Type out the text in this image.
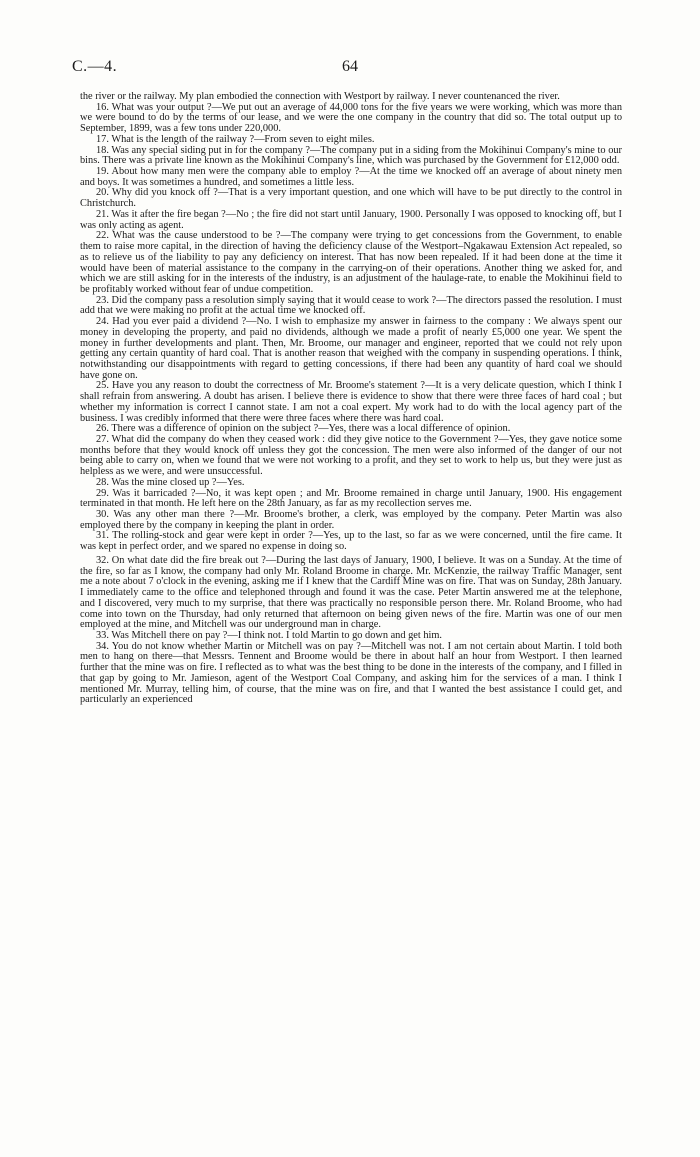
C.—4.	64

the river or the railway. My plan embodied the connection with Westport by railway. I never countenanced the river.

16. What was your output ?—We put out an average of 44,000 tons for the five years we were working, which was more than we were bound to do by the terms of our lease, and we were the one company in the country that did so. The total output up to September, 1899, was a few tons under 220,000.

17. What is the length of the railway ?—From seven to eight miles.

18. Was any special siding put in for the company ?—The company put in a siding from the Mokihinui Company's mine to our bins. There was a private line known as the Mokihinui Company's line, which was purchased by the Government for £12,000 odd.

19. About how many men were the company able to employ ?—At the time we knocked off an average of about ninety men and boys. It was sometimes a hundred, and sometimes a little less.

20. Why did you knock off ?—That is a very important question, and one which will have to be put directly to the control in Christchurch.

21. Was it after the fire began ?—No ; the fire did not start until January, 1900. Personally I was opposed to knocking off, but I was only acting as agent.

22. What was the cause understood to be ?—The company were trying to get concessions from the Government, to enable them to raise more capital, in the direction of having the deficiency clause of the Westport–Ngakawau Extension Act repealed, so as to relieve us of the liability to pay any deficiency on interest. That has now been repealed. If it had been done at the time it would have been of material assistance to the company in the carrying-on of their operations. Another thing we asked for, and which we are still asking for in the interests of the industry, is an adjustment of the haulage-rate, to enable the Mokihinui field to be profitably worked without fear of undue competition.

23. Did the company pass a resolution simply saying that it would cease to work ?—The directors passed the resolution. I must add that we were making no profit at the actual time we knocked off.

24. Had you ever paid a dividend ?—No. I wish to emphasize my answer in fairness to the company : We always spent our money in developing the property, and paid no dividends, although we made a profit of nearly £5,000 one year. We spent the money in further developments and plant. Then, Mr. Broome, our manager and engineer, reported that we could not rely upon getting any certain quantity of hard coal. That is another reason that weighed with the company in suspending operations. I think, notwithstanding our disappointments with regard to getting concessions, if there had been any quantity of hard coal we should have gone on.

25. Have you any reason to doubt the correctness of Mr. Broome's statement ?—It is a very delicate question, which I think I shall refrain from answering. A doubt has arisen. I believe there is evidence to show that there were three faces of hard coal ; but whether my information is correct I cannot state. I am not a coal expert. My work had to do with the local agency part of the business. I was credibly informed that there were three faces where there was hard coal.

26. There was a difference of opinion on the subject ?—Yes, there was a local difference of opinion.

27. What did the company do when they ceased work : did they give notice to the Government ?—Yes, they gave notice some months before that they would knock off unless they got the concession. The men were also informed of the danger of our not being able to carry on, when we found that we were not working to a profit, and they set to work to help us, but they were just as helpless as we were, and were unsuccessful.

28. Was the mine closed up ?—Yes.

29. Was it barricaded ?—No, it was kept open ; and Mr. Broome remained in charge until January, 1900. His engagement terminated in that month. He left here on the 28th January, as far as my recollection serves me.

30. Was any other man there ?—Mr. Broome's brother, a clerk, was employed by the company. Peter Martin was also employed there by the company in keeping the plant in order.

31. The rolling-stock and gear were kept in order ?—Yes, up to the last, so far as we were concerned, until the fire came. It was kept in perfect order, and we spared no expense in doing so.

32. On what date did the fire break out ?—During the last days of January, 1900, I believe. It was on a Sunday. At the time of the fire, so far as I know, the company had only Mr. Roland Broome in charge. Mr. McKenzie, the railway Traffic Manager, sent me a note about 7 o'clock in the evening, asking me if I knew that the Cardiff Mine was on fire. That was on Sunday, 28th January. I immediately came to the office and telephoned through and found it was the case. Peter Martin answered me at the telephone, and I discovered, very much to my surprise, that there was practically no responsible person there. Mr. Roland Broome, who had come into town on the Thursday, had only returned that afternoon on being given news of the fire. Martin was one of our men employed at the mine, and Mitchell was our underground man in charge.

33. Was Mitchell there on pay ?—I think not. I told Martin to go down and get him.

34. You do not know whether Martin or Mitchell was on pay ?—Mitchell was not. I am not certain about Martin. I told both men to hang on there—that Messrs. Tennent and Broome would be there in about half an hour from Westport. I then learned further that the mine was on fire. I reflected as to what was the best thing to be done in the interests of the company, and I filled in that gap by going to Mr. Jamieson, agent of the Westport Coal Company, and asking him for the services of a man. I think I mentioned Mr. Murray, telling him, of course, that the mine was on fire, and that I wanted the best assistance I could get, and particularly an experienced
